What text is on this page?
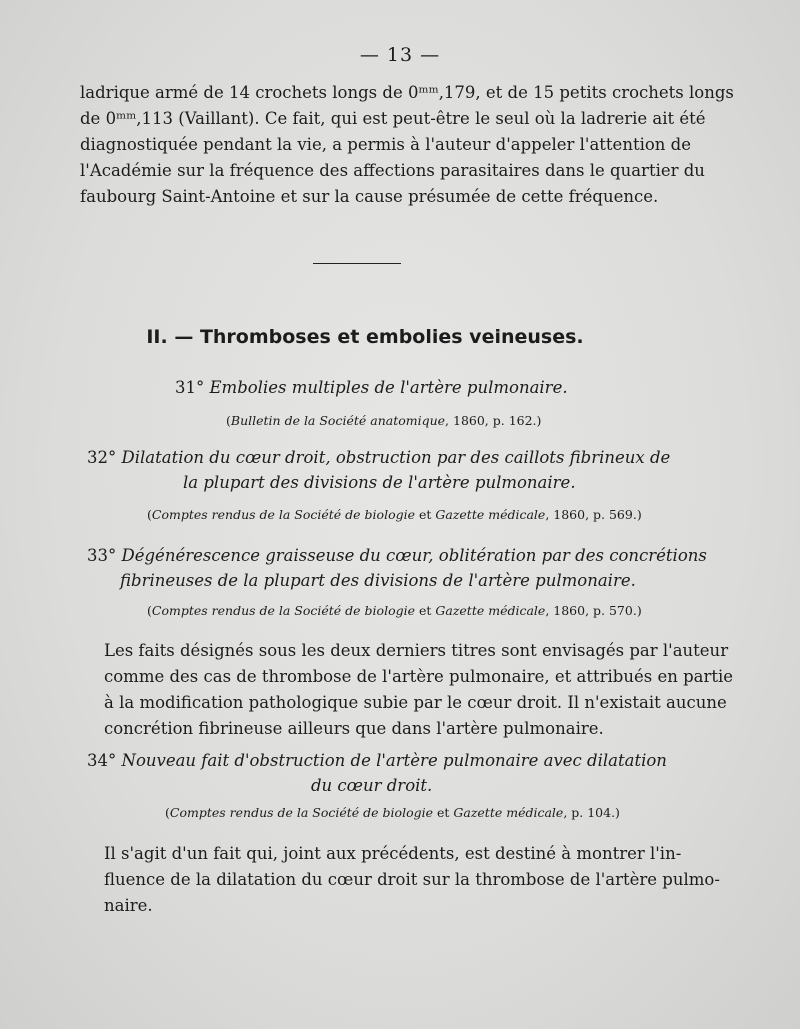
— 13 —

ladrique armé de 14 crochets longs de 0ᵐᵐ,179, et de 15 petits crochets longs
de 0ᵐᵐ,113 (Vaillant). Ce fait, qui est peut-être le seul où la ladrerie ait été
diagnostiquée pendant la vie, a permis à l'auteur d'appeler l'attention de
l'Académie sur la fréquence des affections parasitaires dans le quartier du
faubourg Saint-Antoine et sur la cause présumée de cette fréquence.

II. — Thromboses et embolies veineuses.
31° Embolies multiples de l'artère pulmonaire.
(Bulletin de la Société anatomique, 1860, p. 162.)
32° Dilatation du cœur droit, obstruction par des caillots fibrineux de
la plupart des divisions de l'artère pulmonaire.
(Comptes rendus de la Société de biologie et Gazette médicale, 1860, p. 569.)
33° Dégénérescence graisseuse du cœur, oblitération par des concrétions
fibrineuses de la plupart des divisions de l'artère pulmonaire.
(Comptes rendus de la Société de biologie et Gazette médicale, 1860, p. 570.)
Les faits désignés sous les deux derniers titres sont envisagés par l'auteur
comme des cas de thrombose de l'artère pulmonaire, et attribués en partie
à la modification pathologique subie par le cœur droit. Il n'existait aucune
concrétion fibrineuse ailleurs que dans l'artère pulmonaire.
34° Nouveau fait d'obstruction de l'artère pulmonaire avec dilatation
du cœur droit.
(Comptes rendus de la Société de biologie et Gazette médicale, p. 104.)
Il s'agit d'un fait qui, joint aux précédents, est destiné à montrer l'in-
fluence de la dilatation du cœur droit sur la thrombose de l'artère pulmo-
naire.
